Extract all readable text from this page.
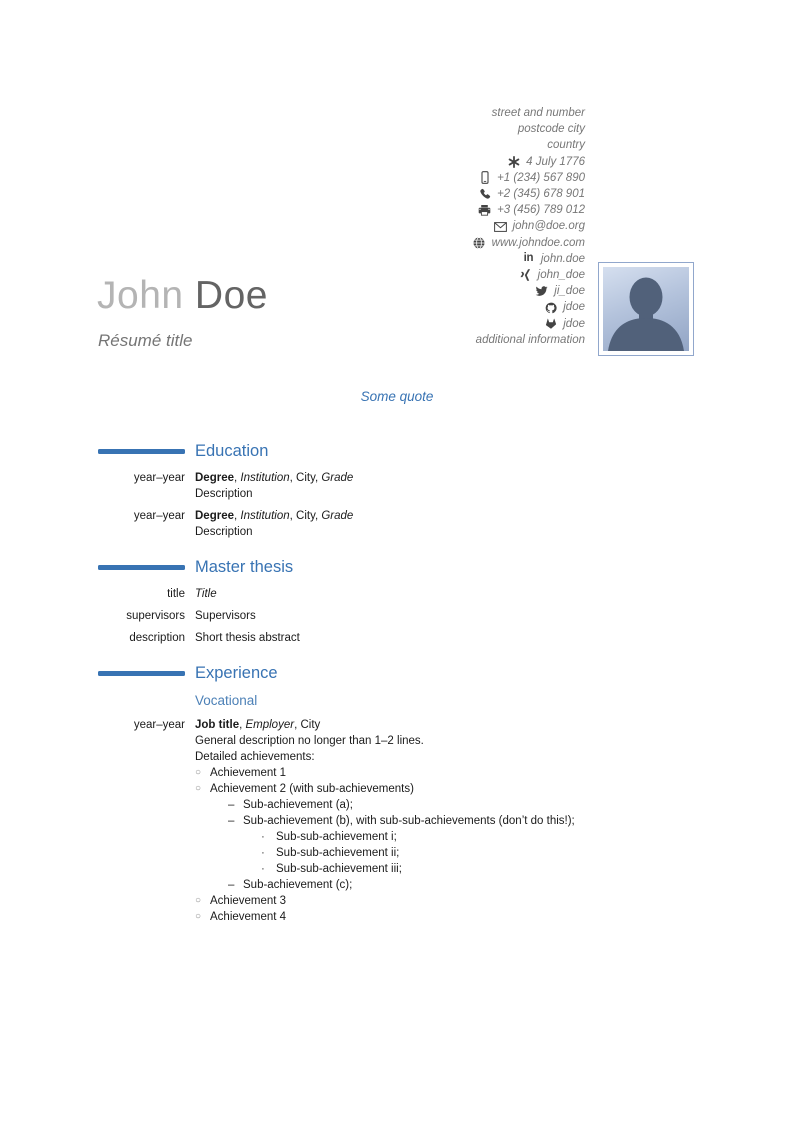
street and number
postcode city
country
4 July 1776
+1 (234) 567 890
+2 (345) 678 901
+3 (456) 789 012
john@doe.org
www.johndoe.com
in john.doe
john_doe
ji_doe
jdoe
jdoe
additional information
John Doe
Résumé title
Some quote
Education
year–year Degree, Institution, City, Grade
Description
year–year Degree, Institution, City, Grade
Description
Master thesis
title Title
supervisors Supervisors
description Short thesis abstract
Experience
Vocational
year–year Job title, Employer, City
General description no longer than 1–2 lines.
Detailed achievements:
○ Achievement 1
○ Achievement 2 (with sub-achievements)
– Sub-achievement (a);
– Sub-achievement (b), with sub-sub-achievements (don’t do this!);
· Sub-sub-achievement i;
· Sub-sub-achievement ii;
· Sub-sub-achievement iii;
– Sub-achievement (c);
○ Achievement 3
○ Achievement 4
